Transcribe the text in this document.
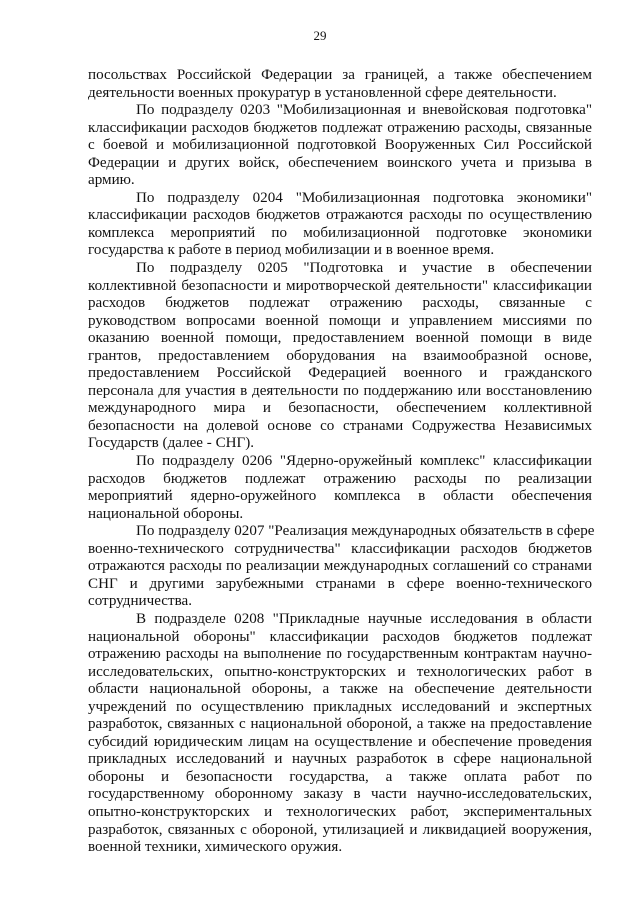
29
посольствах Российской Федерации за границей, а также обеспечением
деятельности военных прокуратур в установленной сфере деятельности.
По подразделу 0203 "Мобилизационная и вневойсковая подготовка"
классификации расходов бюджетов подлежат отражению расходы, связанные
с боевой и мобилизационной подготовкой Вооруженных Сил Российской
Федерации и других войск, обеспечением воинского учета и призыва в
армию.
По подразделу 0204 "Мобилизационная подготовка экономики"
классификации расходов бюджетов отражаются расходы по осуществлению
комплекса мероприятий по мобилизационной подготовке экономики
государства к работе в период мобилизации и в военное время.
По подразделу 0205 "Подготовка и участие в обеспечении
коллективной безопасности и миротворческой деятельности" классификации
расходов бюджетов подлежат отражению расходы, связанные с
руководством вопросами военной помощи и управлением миссиями по
оказанию военной помощи, предоставлением военной помощи в виде
грантов, предоставлением оборудования на взаимообразной основе,
предоставлением Российской Федерацией военного и гражданского
персонала для участия в деятельности по поддержанию или восстановлению
международного мира и безопасности, обеспечением коллективной
безопасности на долевой основе со странами Содружества Независимых
Государств (далее - СНГ).
По подразделу 0206 "Ядерно-оружейный комплекс" классификации
расходов бюджетов подлежат отражению расходы по реализации
мероприятий ядерно-оружейного комплекса в области обеспечения
национальной обороны.
По подразделу 0207 "Реализация международных обязательств в сфере
военно-технического сотрудничества" классификации расходов бюджетов
отражаются расходы по реализации международных соглашений со странами
СНГ и другими зарубежными странами в сфере военно-технического
сотрудничества.
В подразделе 0208 "Прикладные научные исследования в области
национальной обороны" классификации расходов бюджетов подлежат
отражению расходы на выполнение по государственным контрактам научно-
исследовательских, опытно-конструкторских и технологических работ в
области национальной обороны, а также на обеспечение деятельности
учреждений по осуществлению прикладных исследований и экспертных
разработок, связанных с национальной обороной, а также на предоставление
субсидий юридическим лицам на осуществление и обеспечение проведения
прикладных исследований и научных разработок в сфере национальной
обороны и безопасности государства, а также оплата работ по
государственному оборонному заказу в части научно-исследовательских,
опытно-конструкторских и технологических работ, экспериментальных
разработок, связанных с обороной, утилизацией и ликвидацией вооружения,
военной техники, химического оружия.
